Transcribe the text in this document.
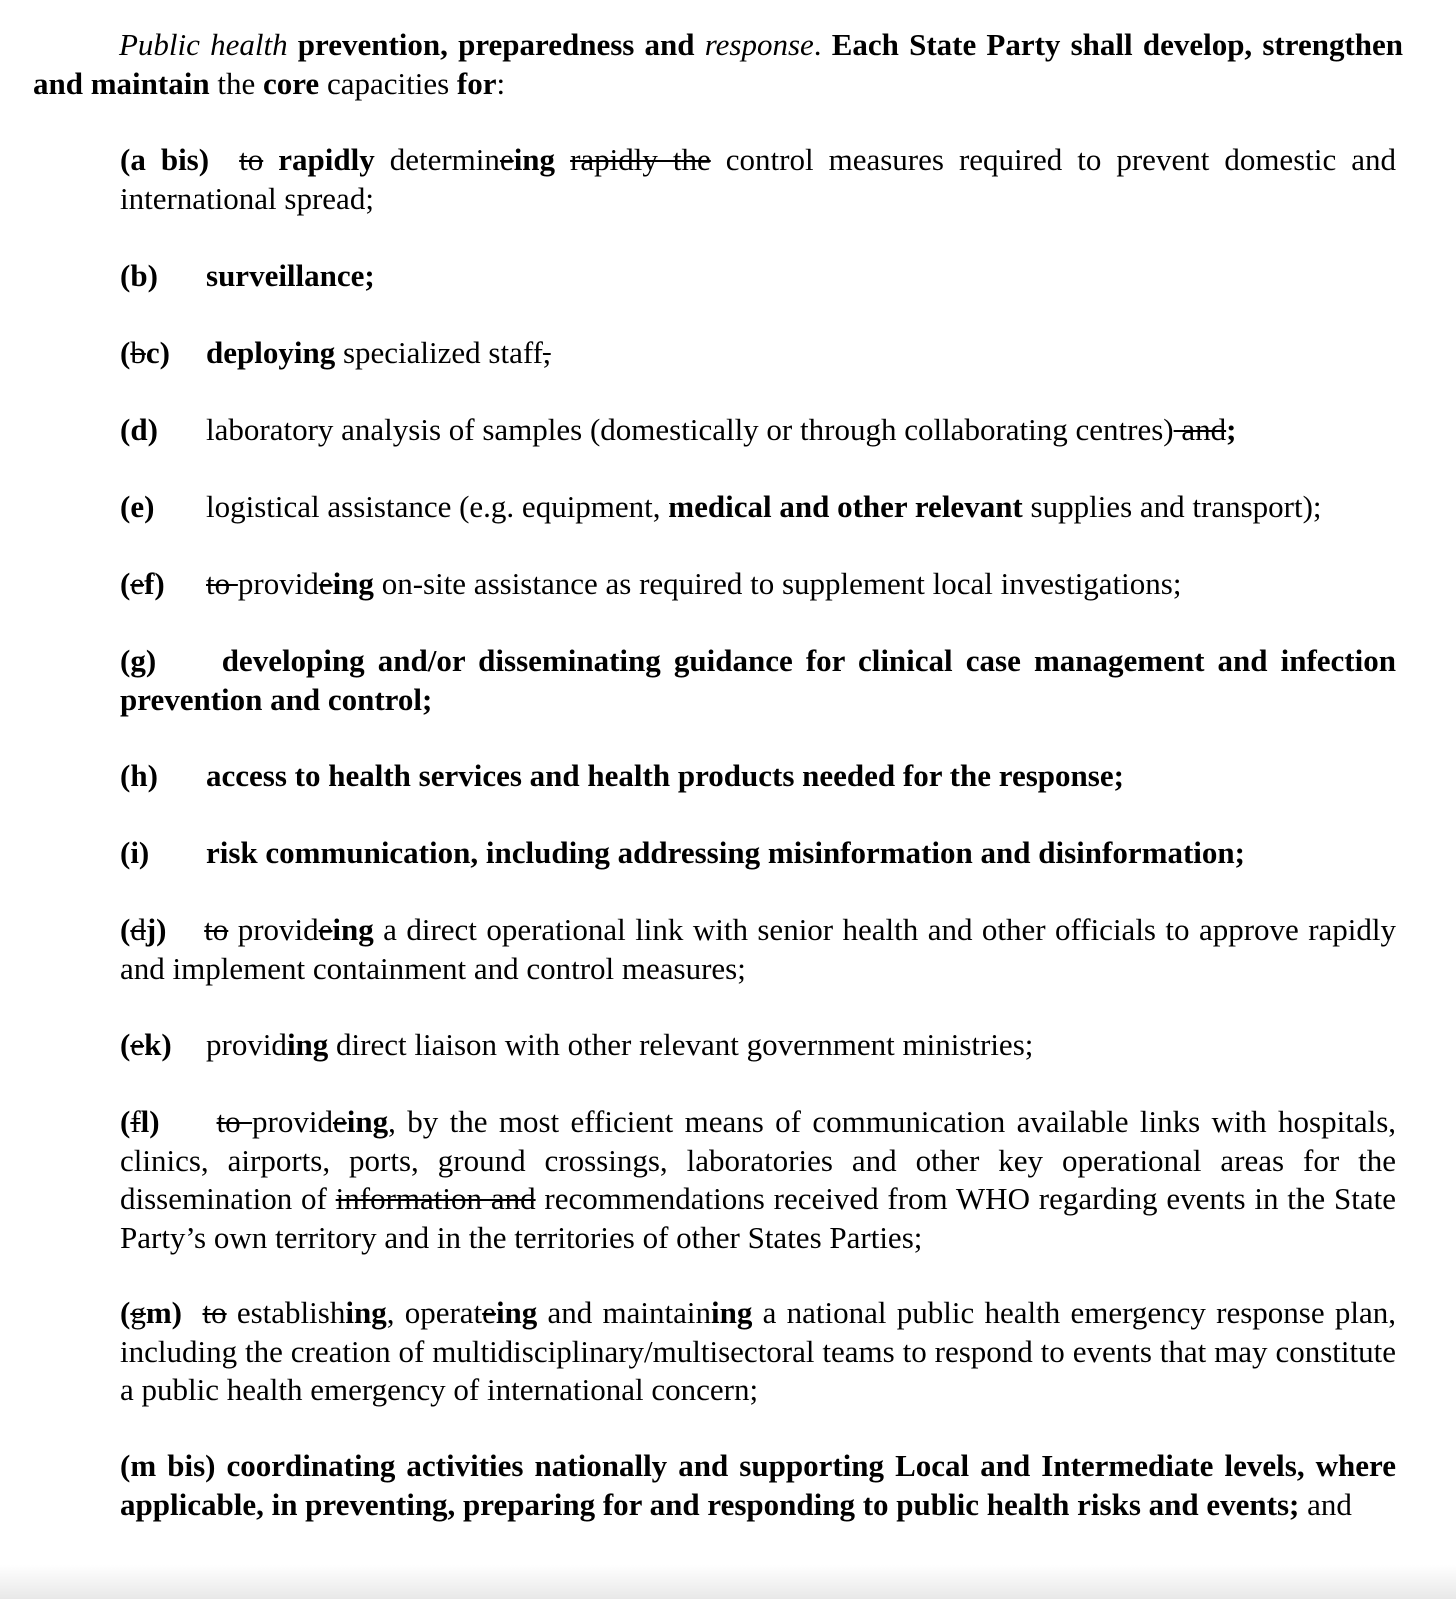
Public health prevention, preparedness and response. Each State Party shall develop, strengthen and maintain the core capacities for:

(a bis) to rapidly determineing rapidly the control measures required to prevent domestic and international spread;

(b) surveillance;

(bc) deploying specialized staff,

(d) laboratory analysis of samples (domestically or through collaborating centres) and;

(e) logistical assistance (e.g. equipment, medical and other relevant supplies and transport);

(ef) to provideing on-site assistance as required to supplement local investigations;

(g) developing and/or disseminating guidance for clinical case management and infection prevention and control;

(h) access to health services and health products needed for the response;

(i) risk communication, including addressing misinformation and disinformation;

(dj) to provideing a direct operational link with senior health and other officials to approve rapidly and implement containment and control measures;

(ek) providing direct liaison with other relevant government ministries;

(fl) to provideing, by the most efficient means of communication available links with hospitals, clinics, airports, ports, ground crossings, laboratories and other key operational areas for the dissemination of information and recommendations received from WHO regarding events in the State Party’s own territory and in the territories of other States Parties;

(gm) to establishing, operateing and maintaining a national public health emergency response plan, including the creation of multidisciplinary/multisectoral teams to respond to events that may constitute a public health emergency of international concern;

(m bis) coordinating activities nationally and supporting Local and Intermediate levels, where applicable, in preventing, preparing for and responding to public health risks and events; and
